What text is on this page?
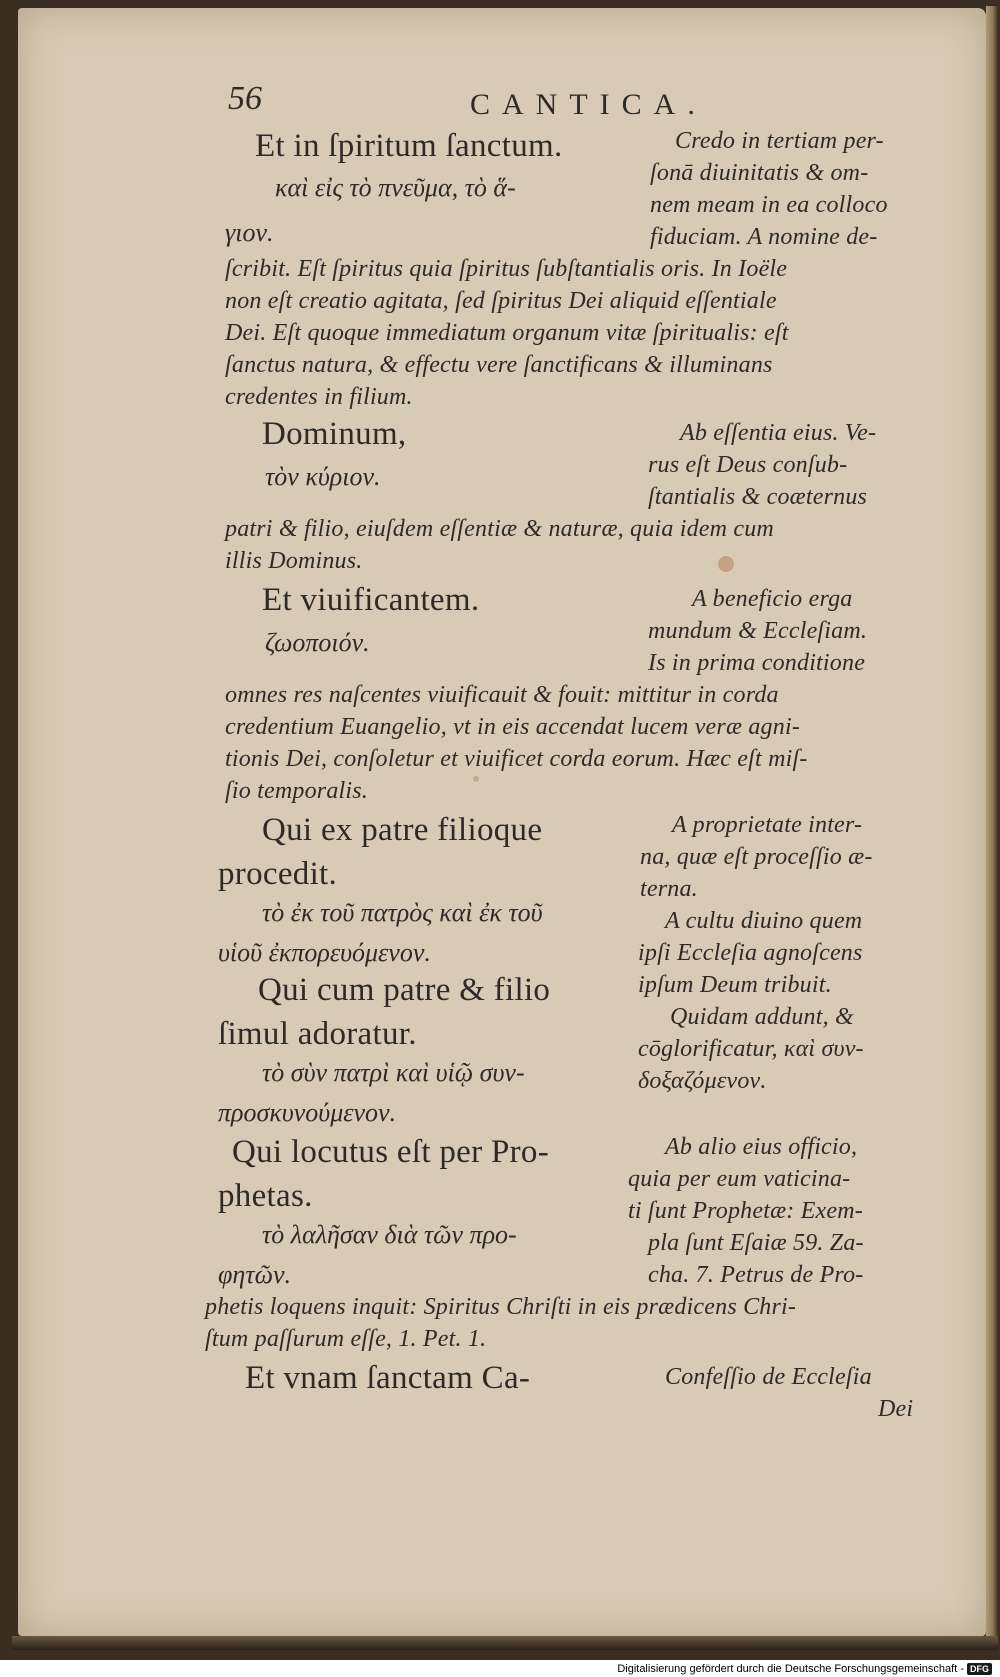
56	CANTICA.
Et in ſpiritum ſanctum.	Credo in tertiam per-
καὶ εἰς τὸ πνεῦμα, τὸ ἅ-	ſonā diuinitatis & om-
γιον.
nem meam in ea colloco
fiduciam. A nomine de-
ſcribit. Eſt ſpiritus quia ſpiritus ſubſtantialis oris. In Ioële
non eſt creatio agitata, ſed ſpiritus Dei aliquid eſſentiale
Dei. Eſt quoque immediatum organum vitæ ſpiritualis: eſt
ſanctus natura, & effectu vere ſanctificans & illuminans
credentes in filium.
Dominum,	Ab eſſentia eius. Ve-
τὸν κύριον.	rus eſt Deus conſub-
ſtantialis & coæternus
patri & filio, eiuſdem eſſentiæ & naturæ, quia idem cum
illis Dominus.
Et viuificantem.	A beneficio erga
ζωοποιόν.	mundum & Eccleſiam.
Is in prima conditione
omnes res naſcentes viuificauit & fouit: mittitur in corda
credentium Euangelio, vt in eis accendat lucem veræ agni-
tionis Dei, conſoletur et viuificet corda eorum. Hæc eſt miſ-
ſio temporalis.
Qui ex patre filioque	A proprietate inter-
na, quæ eſt proceſſio æ-
procedit.	terna.
τὸ ἐκ τοῦ πατρὸς καὶ ἐκ τοῦ	A cultu diuino quem
υἱοῦ ἐκπορευόμενον.	ipſi Eccleſia agnoſcens
Qui cum patre & filio	ipſum Deum tribuit.
Quidam addunt, &
ſimul adoratur.	cōglorificatur, καὶ συν-
τὸ σὺν πατρὶ καὶ υἱῷ συν-	δοξαζόμενον.
προσκυνούμενον.
Qui locutus eſt per Pro-	Ab alio eius officio,
quia per eum vaticina-
phetas.	ti ſunt Prophetæ: Exem-
τὸ λαλῆσαν διὰ τῶν προ-	pla ſunt Eſaiæ 59. Za-
φητῶν.	cha. 7. Petrus de Pro-
phetis loquens inquit: Spiritus Chriſti in eis prædicens Chri-
ſtum paſſurum eſſe, 1. Pet. 1.
Et vnam ſanctam Ca-	Confeſſio de Eccleſia
Dei
Digitalisierung gefördert durch die Deutsche Forschungsgemeinschaft - DFG
